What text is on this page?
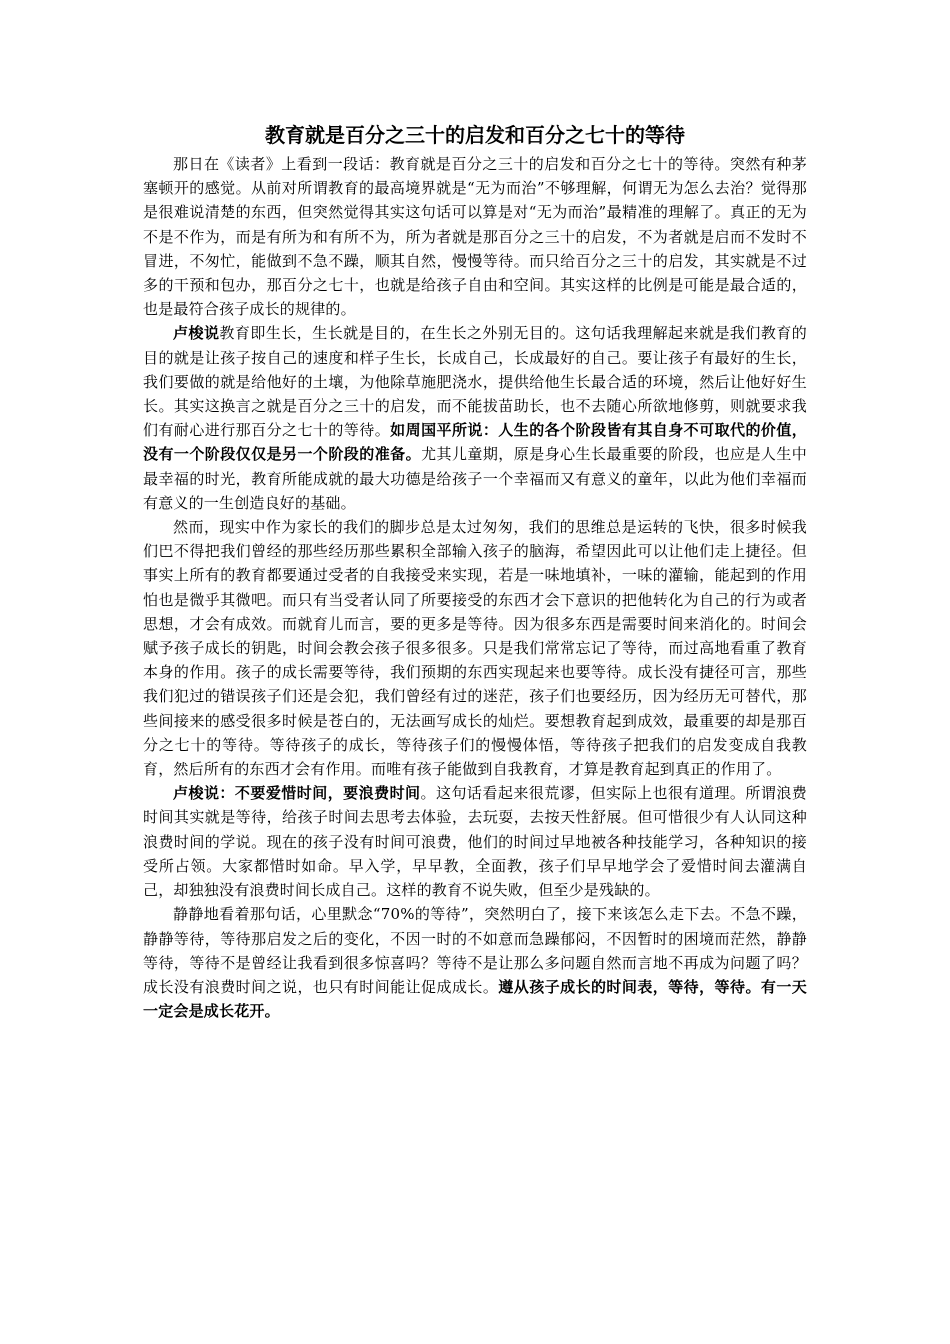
教育就是百分之三十的启发和百分之七十的等待

那日在《读者》上看到一段话：教育就是百分之三十的启发和百分之七十的等待。突然有种茅塞顿开的感觉。从前对所谓教育的最高境界就是“无为而治”不够理解，何谓无为怎么去治？觉得那是很难说清楚的东西，但突然觉得其实这句话可以算是对“无为而治”最精准的理解了。真正的无为不是不作为，而是有所为和有所不为，所为者就是那百分之三十的启发，不为者就是启而不发时不冒进，不匆忙，能做到不急不躁，顺其自然，慢慢等待。而只给百分之三十的启发，其实就是不过多的干预和包办，那百分之七十，也就是给孩子自由和空间。其实这样的比例是可能是最合适的，也是最符合孩子成长的规律的。

卢梭说教育即生长，生长就是目的，在生长之外别无目的。这句话我理解起来就是我们教育的目的就是让孩子按自己的速度和样子生长，长成自己，长成最好的自己。要让孩子有最好的生长，我们要做的就是给他好的土壤，为他除草施肥浇水，提供给他生长最合适的环境，然后让他好好生长。其实这换言之就是百分之三十的启发，而不能拔苗助长，也不去随心所欲地修剪，则就要求我们有耐心进行那百分之七十的等待。如周国平所说：人生的各个阶段皆有其自身不可取代的价值，没有一个阶段仅仅是另一个阶段的准备。尤其儿童期，原是身心生长最重要的阶段，也应是人生中最幸福的时光，教育所能成就的最大功德是给孩子一个幸福而又有意义的童年，以此为他们幸福而有意义的一生创造良好的基础。

然而，现实中作为家长的我们的脚步总是太过匆匆，我们的思维总是运转的飞快，很多时候我们巴不得把我们曾经的那些经历那些累积全部输入孩子的脑海，希望因此可以让他们走上捷径。但事实上所有的教育都要通过受者的自我接受来实现，若是一味地填补，一味的灌输，能起到的作用怕也是微乎其微吧。而只有当受者认同了所要接受的东西才会下意识的把他转化为自己的行为或者思想，才会有成效。而就育儿而言，要的更多是等待。因为很多东西是需要时间来消化的。时间会赋予孩子成长的钥匙，时间会教会孩子很多很多。只是我们常常忘记了等待，而过高地看重了教育本身的作用。孩子的成长需要等待，我们预期的东西实现起来也要等待。成长没有捷径可言，那些我们犯过的错误孩子们还是会犯，我们曾经有过的迷茫，孩子们也要经历，因为经历无可替代，那些间接来的感受很多时候是苍白的，无法画写成长的灿烂。要想教育起到成效，最重要的却是那百分之七十的等待。等待孩子的成长，等待孩子们的慢慢体悟，等待孩子把我们的启发变成自我教育，然后所有的东西才会有作用。而唯有孩子能做到自我教育，才算是教育起到真正的作用了。

卢梭说：不要爱惜时间，要浪费时间。这句话看起来很荒谬，但实际上也很有道理。所谓浪费时间其实就是等待，给孩子时间去思考去体验，去玩耍，去按天性舒展。但可惜很少有人认同这种浪费时间的学说。现在的孩子没有时间可浪费，他们的时间过早地被各种技能学习，各种知识的接受所占领。大家都惜时如命。早入学，早早教，全面教，孩子们早早地学会了爱惜时间去灌满自己，却独独没有浪费时间长成自己。这样的教育不说失败，但至少是残缺的。

静静地看着那句话，心里默念“70%的等待”，突然明白了，接下来该怎么走下去。不急不躁，静静等待，等待那启发之后的变化，不因一时的不如意而急躁郁闷，不因暂时的困境而茫然，静静等待，等待不是曾经让我看到很多惊喜吗？等待不是让那么多问题自然而言地不再成为问题了吗？成长没有浪费时间之说，也只有时间能让促成成长。遵从孩子成长的时间表，等待，等待。有一天一定会是成长花开。
